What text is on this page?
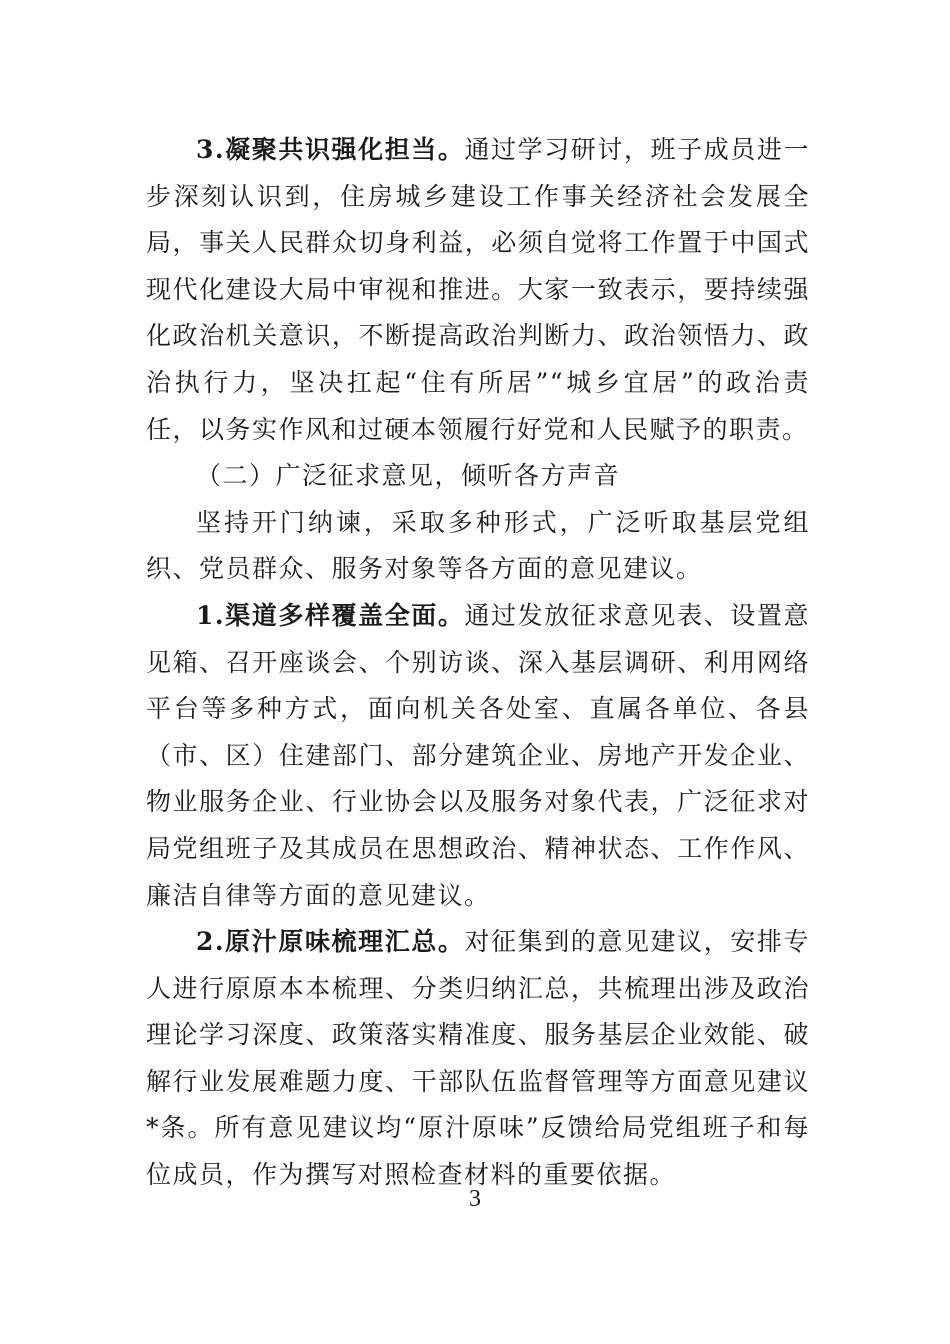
3.凝聚共识强化担当。通过学习研讨，班子成员进一步深刻认识到，住房城乡建设工作事关经济社会发展全局，事关人民群众切身利益，必须自觉将工作置于中国式现代化建设大局中审视和推进。大家一致表示，要持续强化政治机关意识，不断提高政治判断力、政治领悟力、政治执行力，坚决扛起“住有所居”“城乡宜居”的政治责任，以务实作风和过硬本领履行好党和人民赋予的职责。

（二）广泛征求意见，倾听各方声音

坚持开门纳谏，采取多种形式，广泛听取基层党组织、党员群众、服务对象等各方面的意见建议。

1.渠道多样覆盖全面。通过发放征求意见表、设置意见箱、召开座谈会、个别访谈、深入基层调研、利用网络平台等多种方式，面向机关各处室、直属各单位、各县（市、区）住建部门、部分建筑企业、房地产开发企业、物业服务企业、行业协会以及服务对象代表，广泛征求对局党组班子及其成员在思想政治、精神状态、工作作风、廉洁自律等方面的意见建议。

2.原汁原味梳理汇总。对征集到的意见建议，安排专人进行原原本本梳理、分类归纳汇总，共梳理出涉及政治理论学习深度、政策落实精准度、服务基层企业效能、破解行业发展难题力度、干部队伍监督管理等方面意见建议*条。所有意见建议均“原汁原味”反馈给局党组班子和每位成员，作为撰写对照检查材料的重要依据。

3
